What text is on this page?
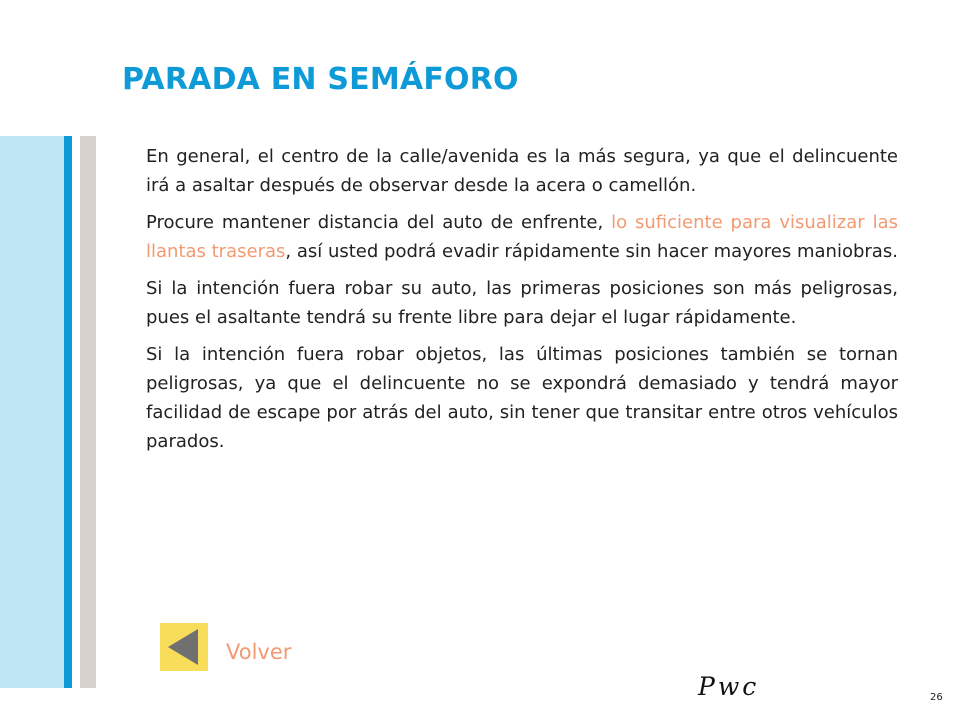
PARADA EN SEMÁFORO

En general, el centro de la calle/avenida es la más segura, ya que el delincuente irá a asaltar después de observar desde la acera o camellón.

Procure mantener distancia del auto de enfrente, lo suficiente para visualizar las llantas traseras, así usted podrá evadir rápidamente sin hacer mayores maniobras.

Si la intención fuera robar su auto, las primeras posiciones son más peligrosas, pues el asaltante tendrá su frente libre para dejar el lugar rápidamente.

Si la intención fuera robar objetos, las últimas posiciones también se tornan peligrosas, ya que el delincuente no se expondrá demasiado y tendrá mayor facilidad de escape por atrás del auto, sin tener que transitar entre otros vehículos parados.

Volver
Pwc	26
